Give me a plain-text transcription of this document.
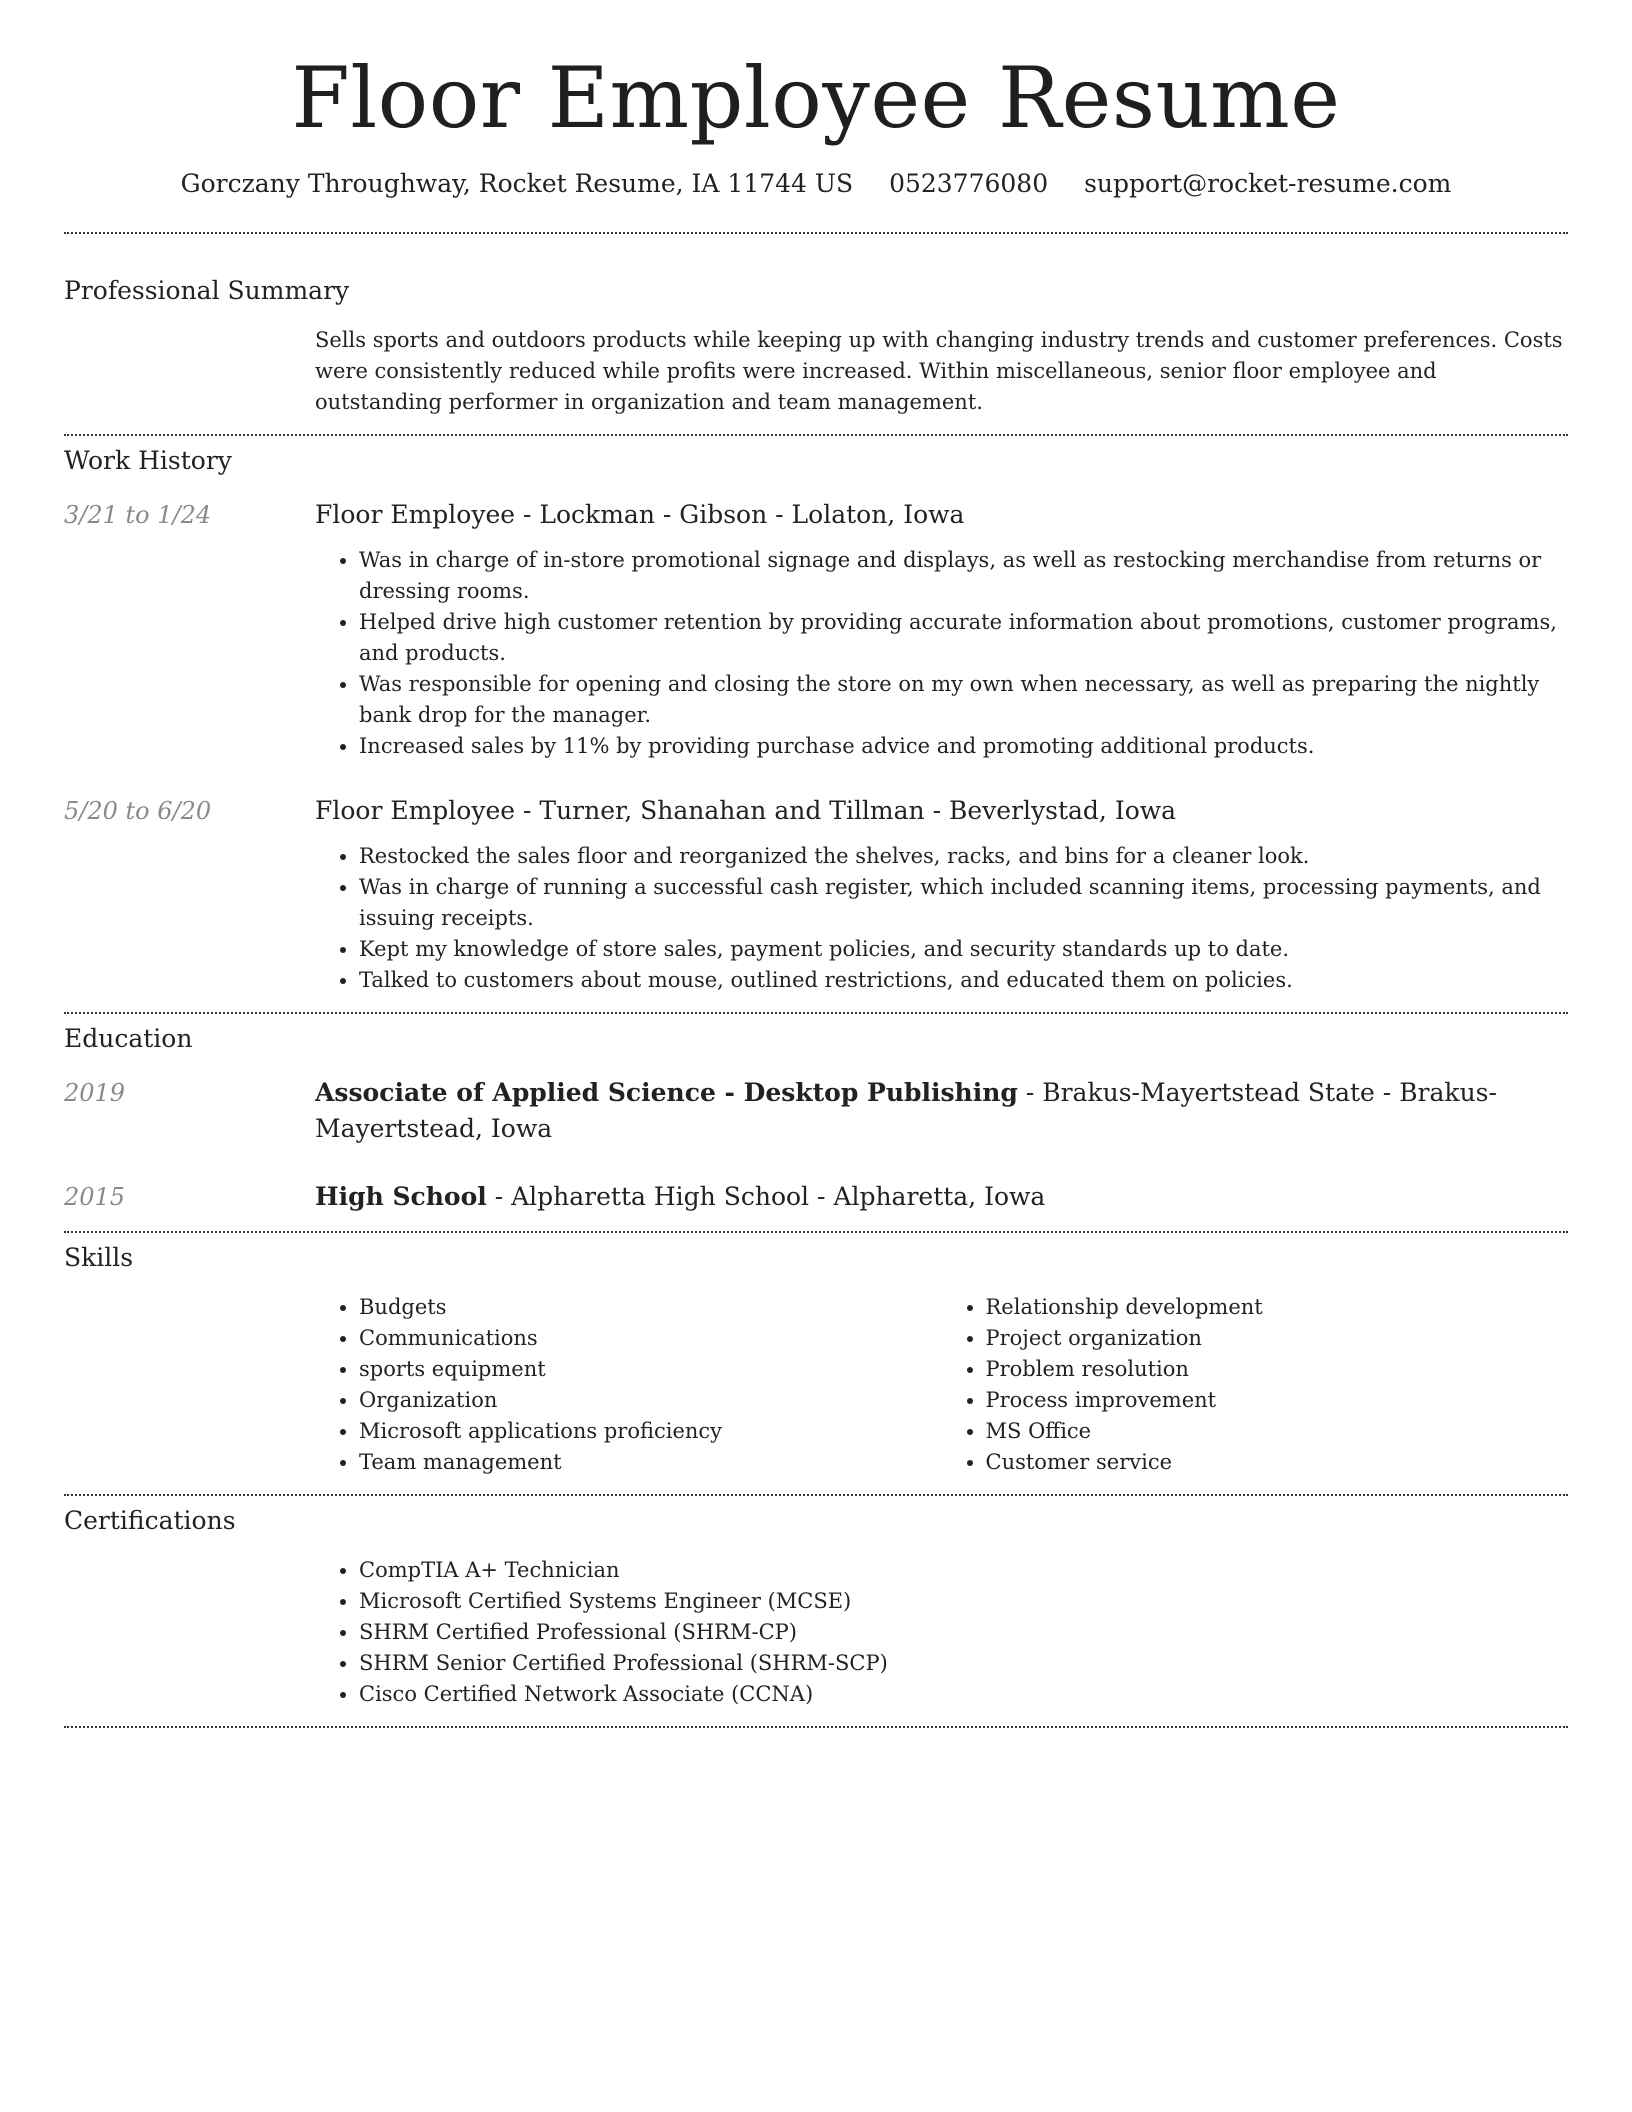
Floor Employee Resume
Gorczany Throughway, Rocket Resume, IA 11744 US 0523776080 support@rocket-resume.com
Professional Summary

Sells sports and outdoors products while keeping up with changing industry trends and customer preferences. Costs were consistently reduced while profits were increased. Within miscellaneous, senior floor employee and outstanding performer in organization and team management.

Work History
3/21 to 1/24	Floor Employee - Lockman - Gibson - Lolaton, Iowa
• Was in charge of in-store promotional signage and displays, as well as restocking merchandise from returns or dressing rooms.
• Helped drive high customer retention by providing accurate information about promotions, customer programs, and products.
• Was responsible for opening and closing the store on my own when necessary, as well as preparing the nightly bank drop for the manager.
• Increased sales by 11% by providing purchase advice and promoting additional products.
5/20 to 6/20	Floor Employee - Turner, Shanahan and Tillman - Beverlystad, Iowa
• Restocked the sales floor and reorganized the shelves, racks, and bins for a cleaner look.
• Was in charge of running a successful cash register, which included scanning items, processing payments, and issuing receipts.
• Kept my knowledge of store sales, payment policies, and security standards up to date.
• Talked to customers about mouse, outlined restrictions, and educated them on policies.
Education
2019	Associate of Applied Science - Desktop Publishing - Brakus-Mayertstead State - Brakus-Mayertstead, Iowa
2015	High School - Alpharetta High School - Alpharetta, Iowa
Skills
• Budgets
• Communications
• sports equipment
• Organization
• Microsoft applications proficiency
• Team management
• Relationship development
• Project organization
• Problem resolution
• Process improvement
• MS Office
• Customer service
Certifications
• CompTIA A+ Technician
• Microsoft Certified Systems Engineer (MCSE)
• SHRM Certified Professional (SHRM-CP)
• SHRM Senior Certified Professional (SHRM-SCP)
• Cisco Certified Network Associate (CCNA)
